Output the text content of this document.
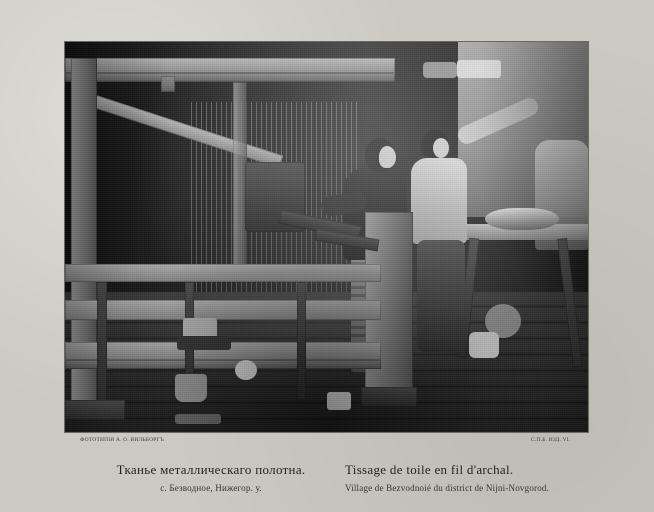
ФОТОТИПІЯ А. О. ВИЛЬБОРГЪ	С.П.Б. ИЗД. VI.
Тканье металлическаго полотна.
с. Безводное, Нижегор. у.
Tissage de toile en fil d'archal.
Village de Bezvodnoié du district de Nijni-Novgorod.
